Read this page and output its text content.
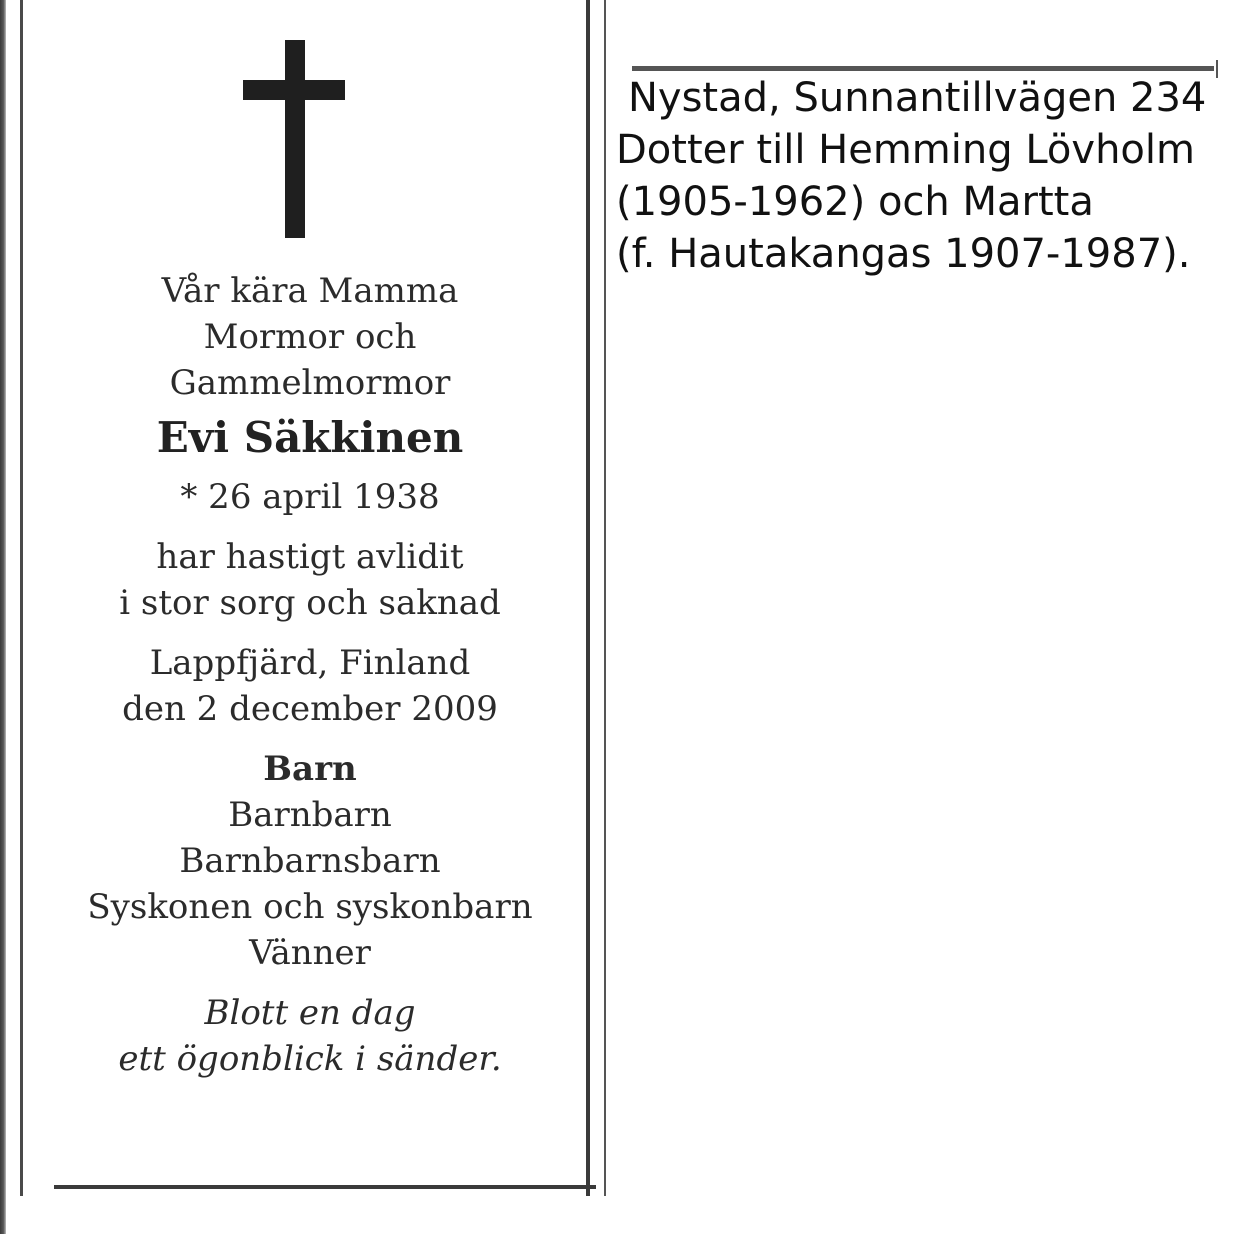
Vår kära Mamma
Mormor och
Gammelmormor
Evi Säkkinen
* 26 april 1938
har hastigt avlidit
i stor sorg och saknad
Lappfjärd, Finland
den 2 december 2009
Barn
Barnbarn
Barnbarnsbarn
Syskonen och syskonbarn
Vänner
Blott en dag
ett ögonblick i sänder.
Nystad, Sunnantillvägen 234
Dotter till Hemming Lövholm
(1905-1962) och Martta
(f. Hautakangas 1907-1987).
